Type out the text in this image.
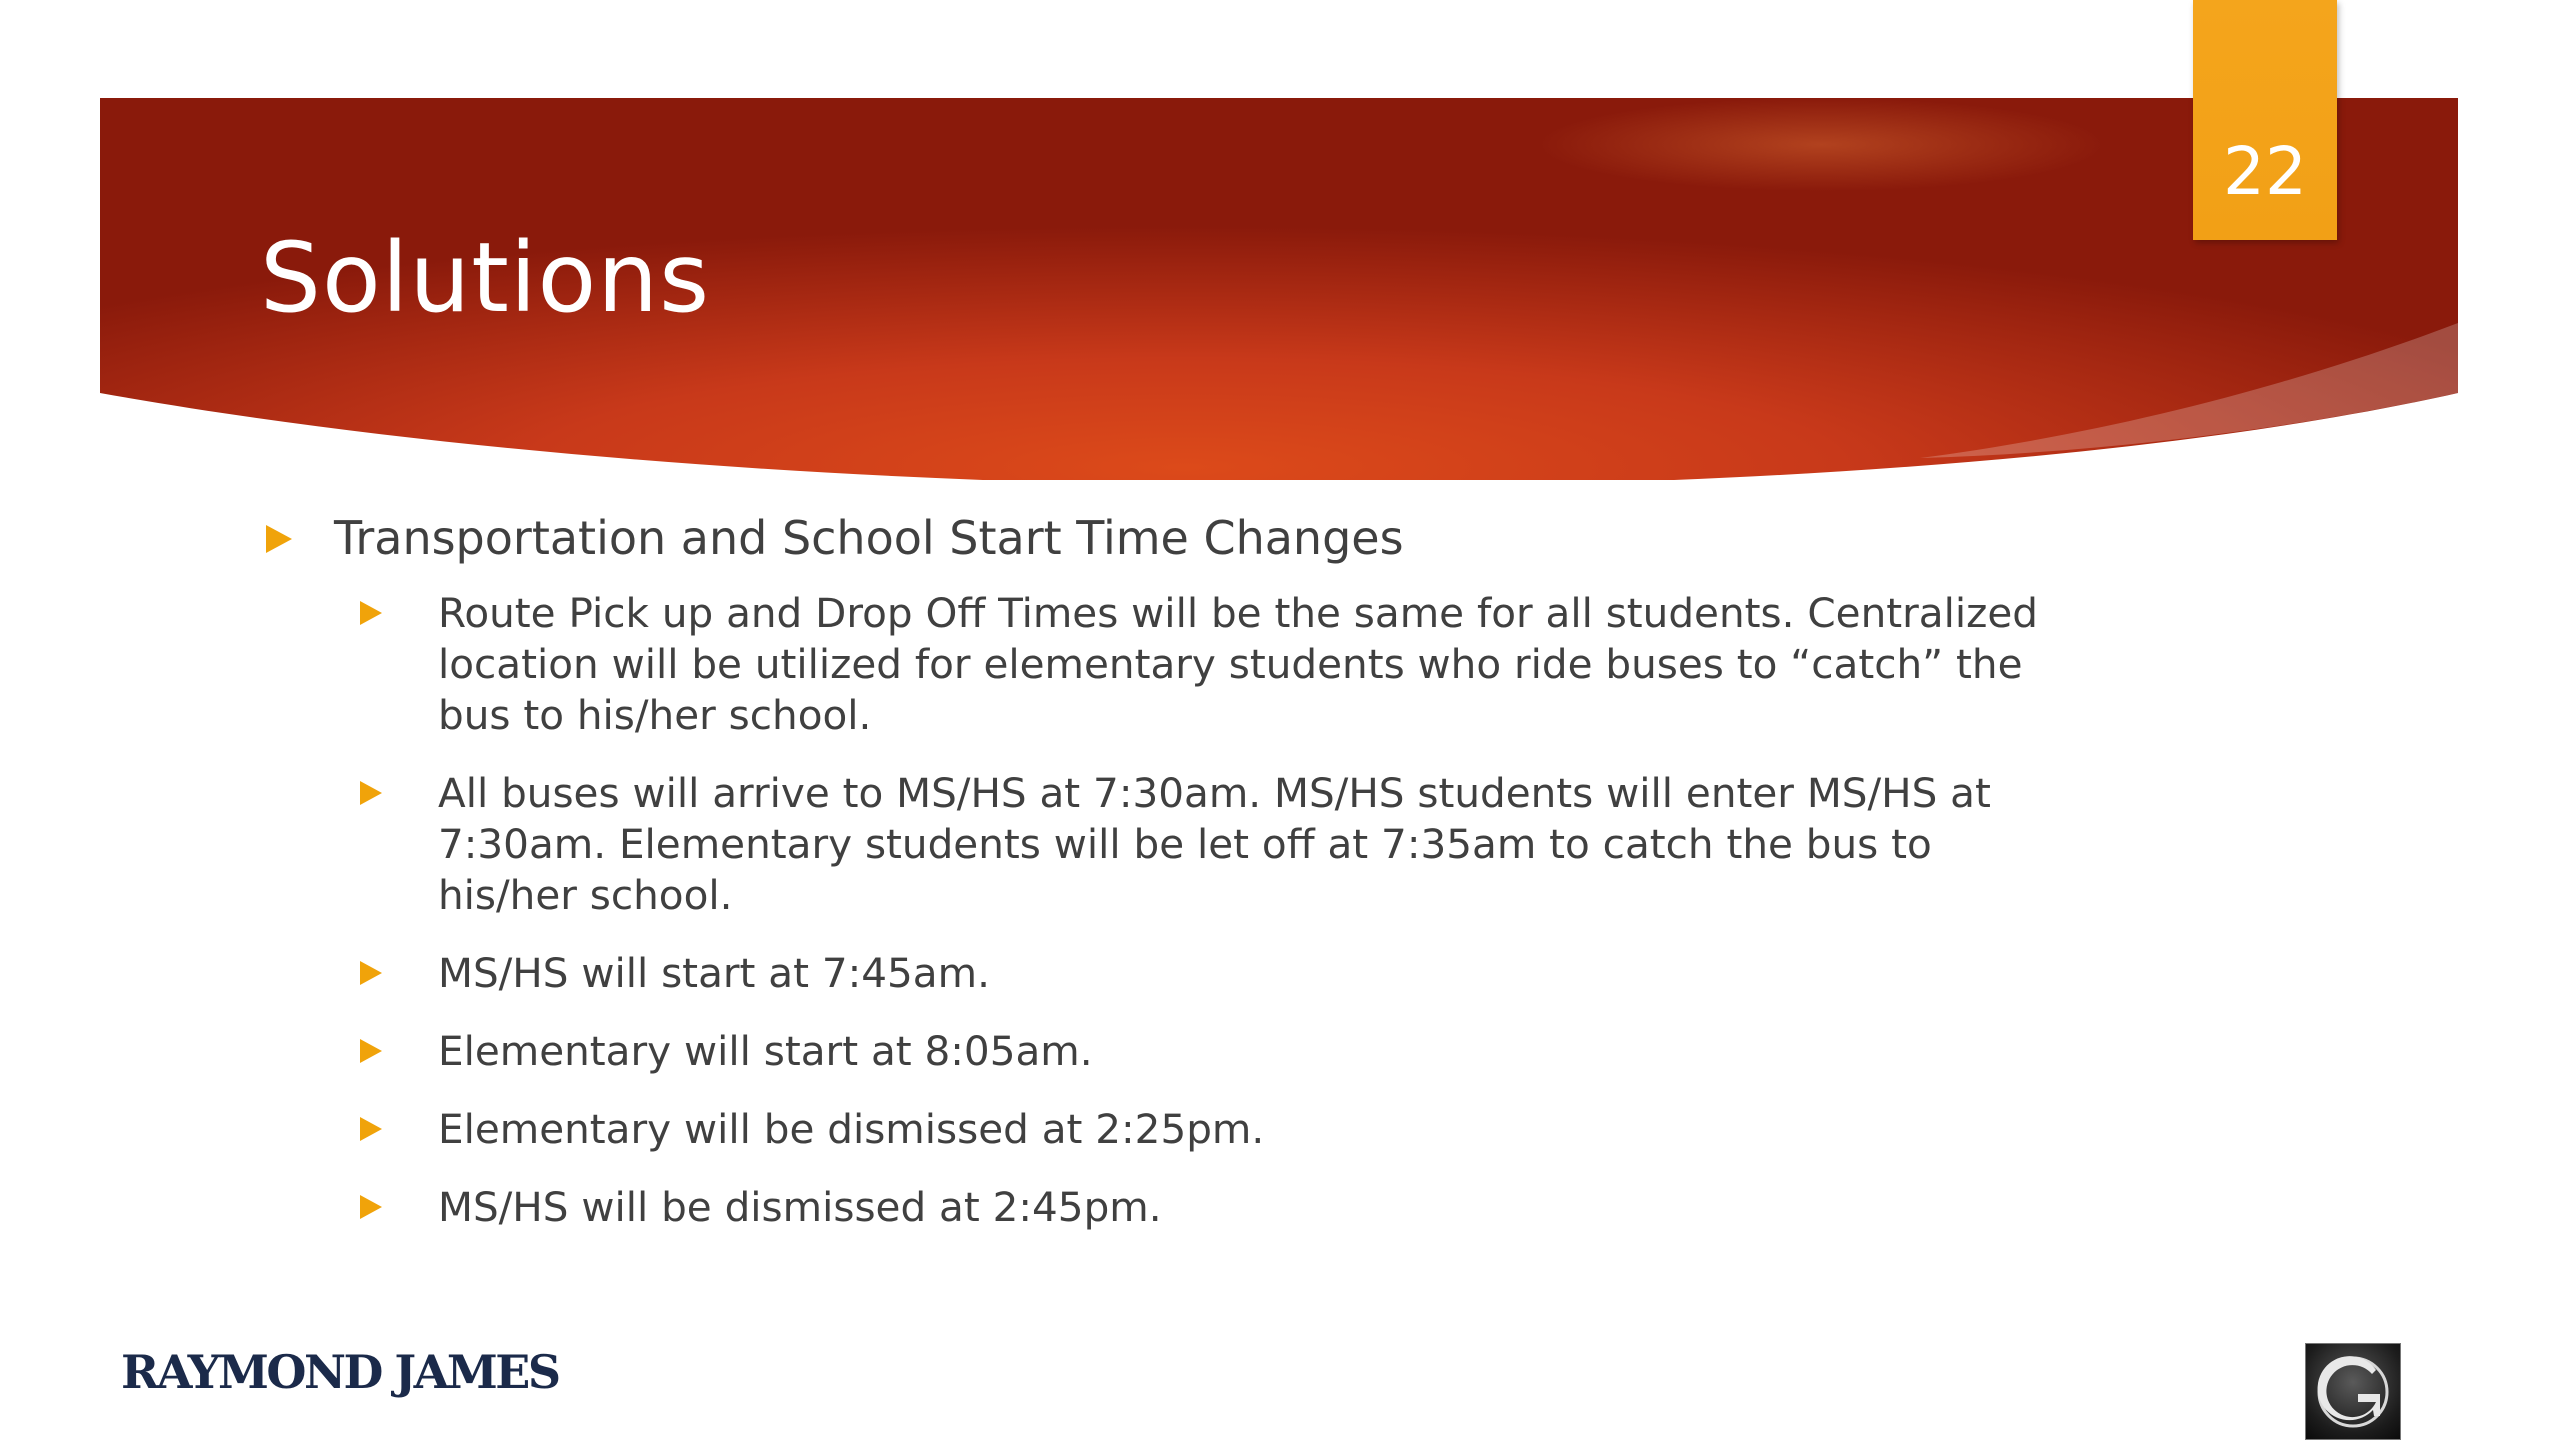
Solutions
22
Transportation and School Start Time Changes
Route Pick up and Drop Off Times will be the same for all students. Centralized location will be utilized for elementary students who ride buses to “catch” the bus to his/her school.
All buses will arrive to MS/HS at 7:30am. MS/HS students will enter MS/HS at 7:30am. Elementary students will be let off at 7:35am to catch the bus to his/her school.
MS/HS will start at 7:45am.
Elementary will start at 8:05am.
Elementary will be dismissed at 2:25pm.
MS/HS will be dismissed at 2:45pm.
RAYMOND JAMES
